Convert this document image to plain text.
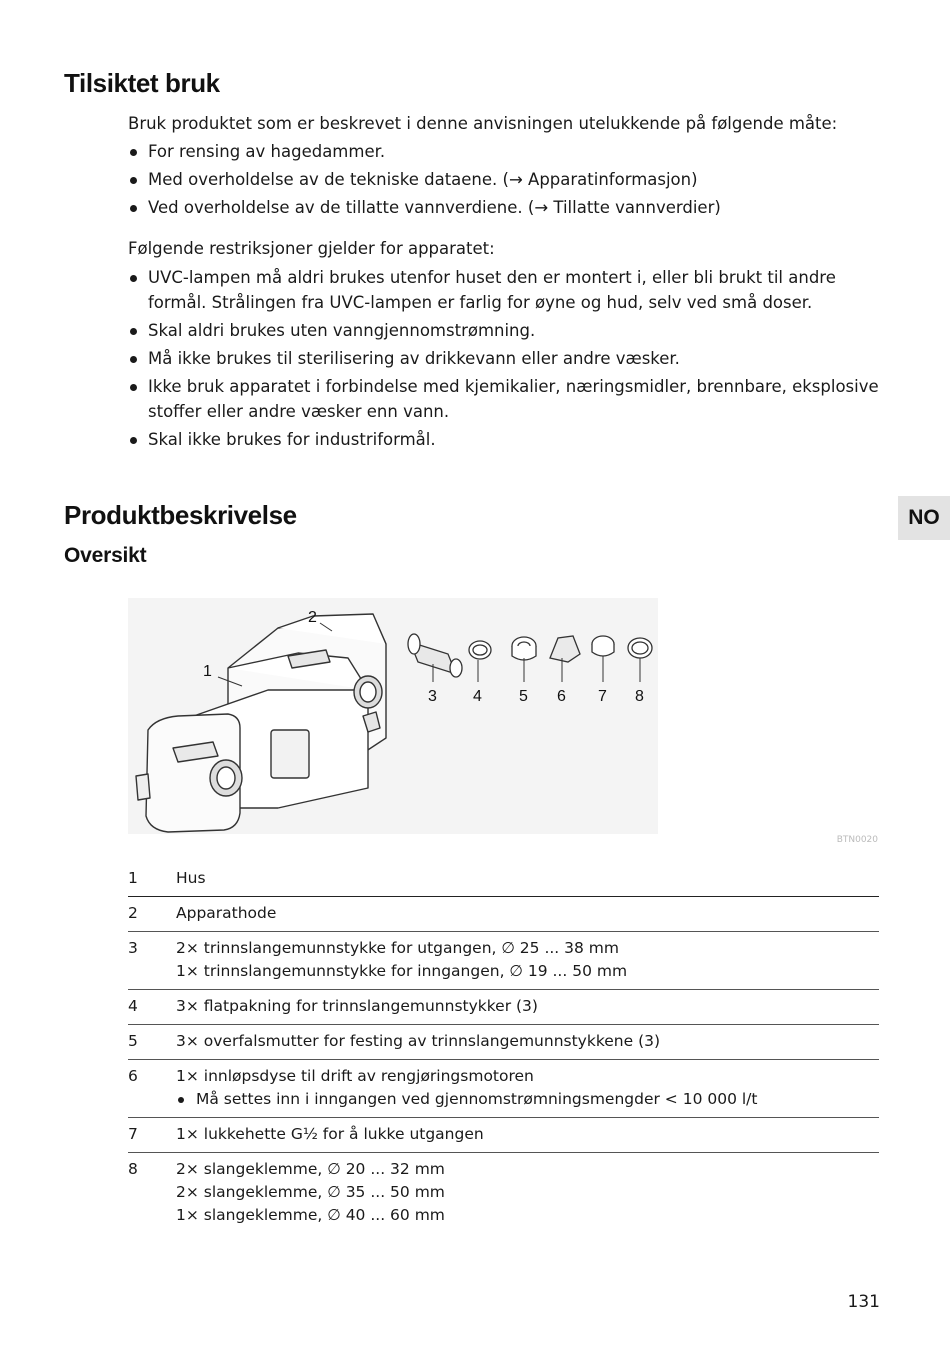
Tilsiktet bruk

Bruk produktet som er beskrevet i denne anvisningen utelukkende på følgende måte:

For rensing av hagedammer.
Med overholdelse av de tekniske dataene. (→ Apparatinformasjon)
Ved overholdelse av de tillatte vannverdiene. (→ Tillatte vannverdier)

Følgende restriksjoner gjelder for apparatet:

UVC-lampen må aldri brukes utenfor huset den er montert i, eller bli brukt til andre formål. Strålingen fra UVC-lampen er farlig for øyne og hud, selv ved små doser.
Skal aldri brukes uten vanngjennomstrømning.
Må ikke brukes til sterilisering av drikkevann eller andre væsker.
Ikke bruk apparatet i forbindelse med kjemikalier, næringsmidler, brennbare, eksplosive stoffer eller andre væsker enn vann.
Skal ikke brukes for industriformål.
Produktbeskrivelse
Oversikt
NO
1
2
3 4 5 6 7 8
BTN0020
1	Hus

2	Apparathode

3	2× trinnslangemunnstykke for utgangen, ∅ 25 ... 38 mm
1× trinnslangemunnstykke for inngangen, ∅ 19 ... 50 mm

4	3× flatpakning for trinnslangemunnstykker (3)

5	3× overfalsmutter for festing av trinnslangemunnstykkene (3)

6	1× innløpsdyse til drift av rengjøringsmotoren
Må settes inn i inngangen ved gjennomstrømningsmengder < 10 000 l/t

7	1× lukkehette G½ for å lukke utgangen

8	2× slangeklemme, ∅ 20 ... 32 mm
2× slangeklemme, ∅ 35 ... 50 mm
1× slangeklemme, ∅ 40 ... 60 mm
131
